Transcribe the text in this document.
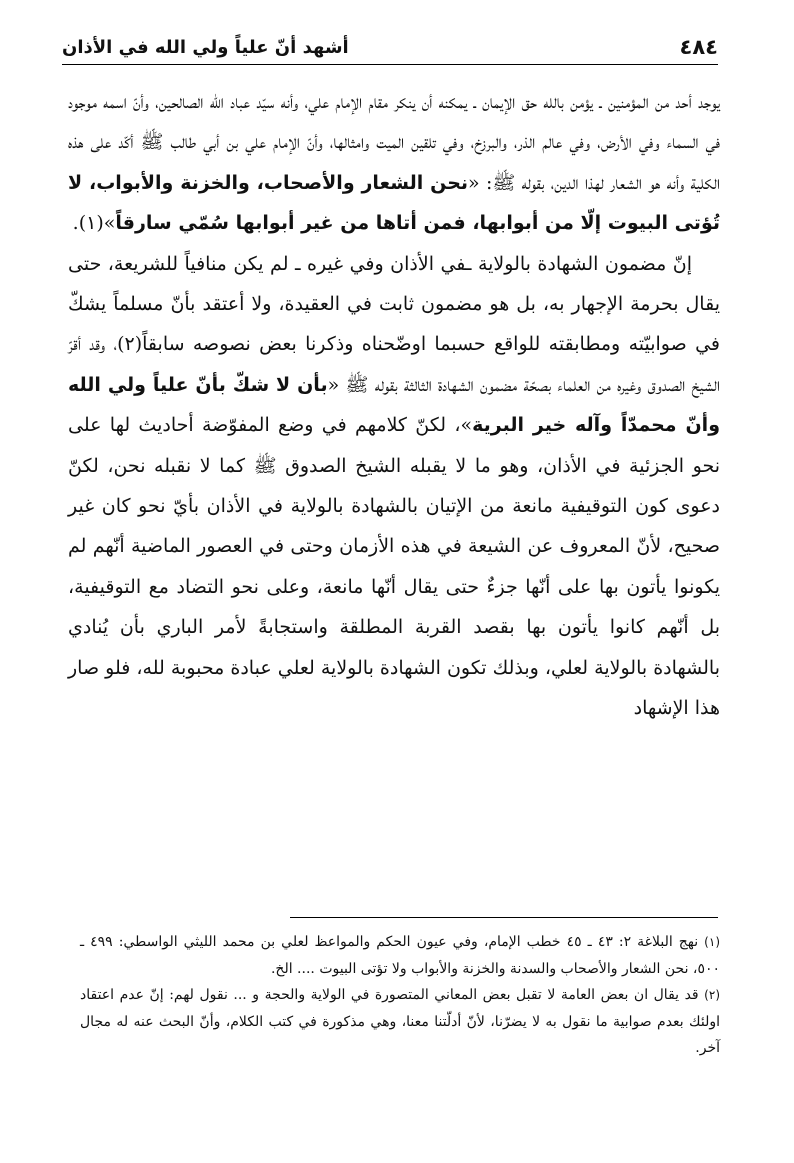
٤٨٤
أشهد أنّ علياً ولي الله في الأذان

يوجد أحد من المؤمنين ـ يؤمن بالله حق الإيمان ـ يمكنه أن ينكر مقام الإمام علي، وأنه سيّد عباد الله الصالحين، وأنّ اسمه موجود في السماء وفي الأرض، وفي عالم الذر، والبرزخ، وفي تلقين الميت وامثالها، وأنّ الإمام علي بن أبي طالب ﷺ أكّد على هذه الكلية وأنه هو الشعار لهذا الدين، بقوله ﷺ: «نحن الشعار والأصحاب، والخزنة والأبواب، لا تُؤتى البيوت إلّا من أبوابها، فمن أتاها من غير أبوابها سُمّي سارقاً»(١).

إنّ مضمون الشهادة بالولاية ـفي الأذان وفي غيره ـ لم يكن منافياً للشريعة، حتى يقال بحرمة الإجهار به، بل هو مضمون ثابت في العقيدة، ولا أعتقد بأنّ مسلماً يشكّ في صوابيّته ومطابقته للواقع حسبما اوضّحناه وذكرنا بعض نصوصه سابقاً(٢)، وقد أقرّ الشيخ الصدوق وغيره من العلماء بصحّة مضمون الشهادة الثالثة بقوله ﷺ «بأن لا شكّ بأنّ علياً ولي الله وأنّ محمدّاً وآله خير البرية»، لكنّ كلامهم في وضع المفوّضة أحاديث لها على نحو الجزئية في الأذان، وهو ما لا يقبله الشيخ الصدوق ﷺ كما لا نقبله نحن، لكنّ دعوى كون التوقيفية مانعة من الإتيان بالشهادة بالولاية في الأذان بأيّ نحو كان غير صحيح، لأنّ المعروف عن الشيعة في هذه الأزمان وحتى في العصور الماضية أنّهم لم يكونوا يأتون بها على أنّها جزءٌ حتى يقال أنّها مانعة، وعلى نحو التضاد مع التوقيفية، بل أنّهم كانوا يأتون بها بقصد القربة المطلقة واستجابةً لأمر الباري بأن يُنادي بالشهادة بالولاية لعلي، وبذلك تكون الشهادة بالولاية لعلي عبادة محبوبة لله، فلو صار هذا الإشهاد

(١) نهج البلاغة ٢: ٤٣ ـ ٤٥ خطب الإمام، وفي عيون الحكم والمواعظ لعلي بن محمد الليثي الواسطي: ٤٩٩ ـ ٥٠٠، نحن الشعار والأصحاب والسدنة والخزنة والأبواب ولا تؤتى البيوت .... الخ.

(٢) قد يقال ان بعض العامة لا تقبل بعض المعاني المتصورة في الولاية والحجة و ... نقول لهم: إنّ عدم اعتقاد اولئك بعدم صوابية ما نقول به لا يضرّنا، لأنّ أدلّتنا معنا، وهي مذكورة في كتب الكلام، وأنّ البحث عنه له مجال آخر.
